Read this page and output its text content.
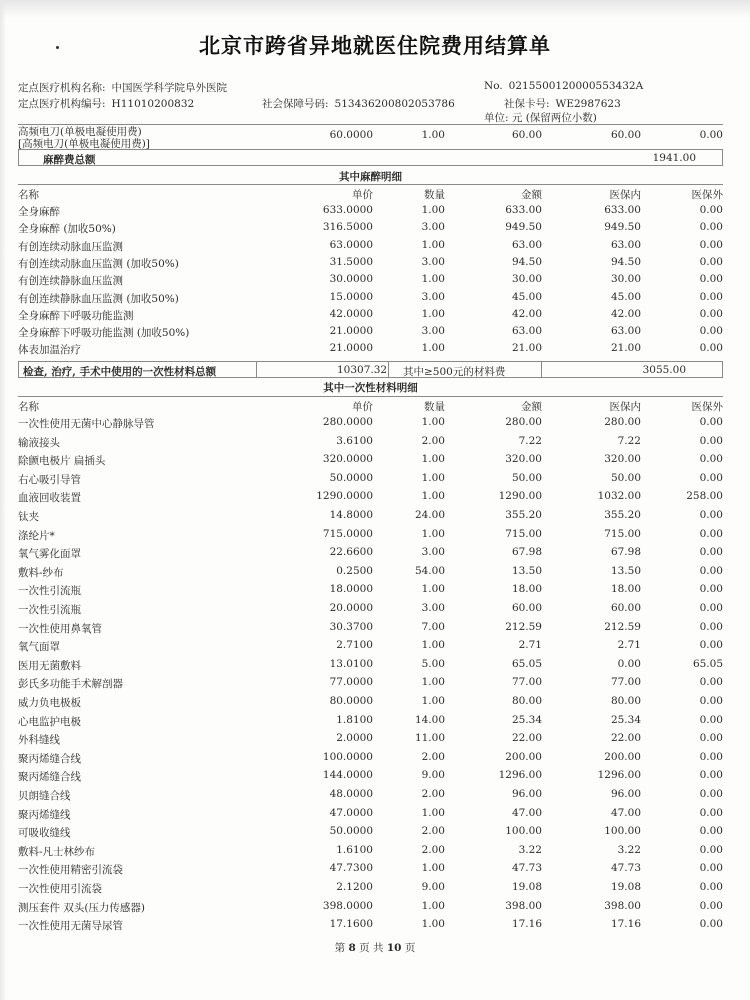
北京市跨省异地就医住院费用结算单
定点医疗机构名称: 中国医学科学院阜外医院	No. 0215500120000553432A
定点医疗机构编号: H11010200832	社会保障号码: 513436200802053786	社保卡号: WE2987623
单位: 元 (保留两位小数)
高频电刀(单极电凝使用费)
[高频电刀(单极电凝使用费)]
60.0000	1.00	60.00	60.00	0.00
麻醉费总额	1941.00
其中麻醉明细
名称	单价	数量	金额	医保内	医保外
全身麻醉	633.0000	1.00	633.00	633.00	0.00
全身麻醉 (加收50%)	316.5000	3.00	949.50	949.50	0.00
有创连续动脉血压监测	63.0000	1.00	63.00	63.00	0.00
有创连续动脉血压监测 (加收50%)	31.5000	3.00	94.50	94.50	0.00
有创连续静脉血压监测	30.0000	1.00	30.00	30.00	0.00
有创连续静脉血压监测 (加收50%)	15.0000	3.00	45.00	45.00	0.00
全身麻醉下呼吸功能监测	42.0000	1.00	42.00	42.00	0.00
全身麻醉下呼吸功能监测 (加收50%)	21.0000	3.00	63.00	63.00	0.00
体表加温治疗	21.0000	1.00	21.00	21.00	0.00
检查, 治疗, 手术中使用的一次性材料总额	10307.32 其中≥500元的材料费	3055.00
其中一次性材料明细
名称	单价	数量	金额	医保内	医保外
一次性使用无菌中心静脉导管	280.0000	1.00	280.00	280.00	0.00
输液接头	3.6100	2.00	7.22	7.22	0.00
除颤电极片 扁插头	320.0000	1.00	320.00	320.00	0.00
右心吸引导管	50.0000	1.00	50.00	50.00	0.00
血液回收装置	1290.0000	1.00	1290.00	1032.00	258.00
钛夹	14.8000	24.00	355.20	355.20	0.00
涤纶片*	715.0000	1.00	715.00	715.00	0.00
氧气雾化面罩	22.6600	3.00	67.98	67.98	0.00
敷料-纱布	0.2500	54.00	13.50	13.50	0.00
一次性引流瓶	18.0000	1.00	18.00	18.00	0.00
一次性引流瓶	20.0000	3.00	60.00	60.00	0.00
一次性使用鼻氧管	30.3700	7.00	212.59	212.59	0.00
氧气面罩	2.7100	1.00	2.71	2.71	0.00
医用无菌敷料	13.0100	5.00	65.05	0.00	65.05
彭氏多功能手术解剖器	77.0000	1.00	77.00	77.00	0.00
威力负电极板	80.0000	1.00	80.00	80.00	0.00
心电监护电极	1.8100	14.00	25.34	25.34	0.00
外科缝线	2.0000	11.00	22.00	22.00	0.00
聚丙烯缝合线	100.0000	2.00	200.00	200.00	0.00
聚丙烯缝合线	144.0000	9.00	1296.00	1296.00	0.00
贝朗缝合线	48.0000	2.00	96.00	96.00	0.00
聚丙烯缝线	47.0000	1.00	47.00	47.00	0.00
可吸收缝线	50.0000	2.00	100.00	100.00	0.00
敷料-凡士林纱布	1.6100	2.00	3.22	3.22	0.00
一次性使用精密引流袋	47.7300	1.00	47.73	47.73	0.00
一次性使用引流袋	2.1200	9.00	19.08	19.08	0.00
测压套件 双头(压力传感器)	398.0000	1.00	398.00	398.00	0.00
一次性使用无菌导尿管	17.1600	1.00	17.16	17.16	0.00
第 8 页 共 10 页
